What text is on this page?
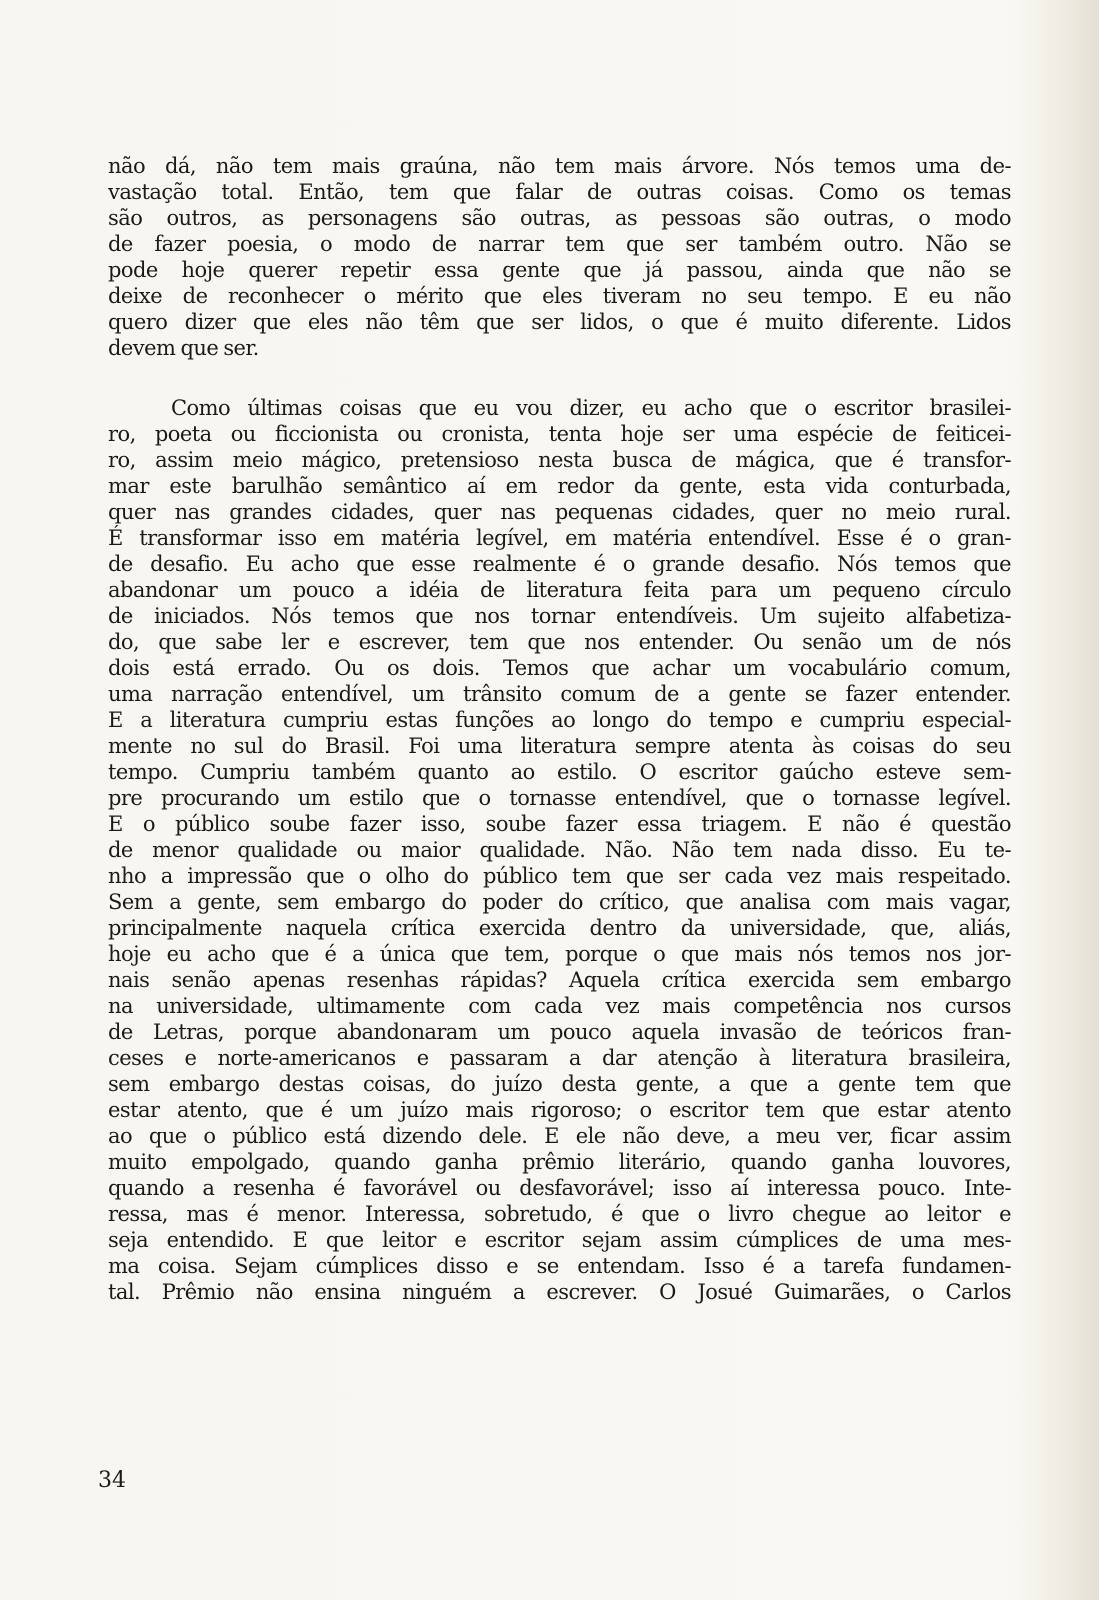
não dá, não tem mais graúna, não tem mais árvore. Nós temos uma de-
vastação total. Então, tem que falar de outras coisas. Como os temas
são outros, as personagens são outras, as pessoas são outras, o modo
de fazer poesia, o modo de narrar tem que ser também outro. Não se
pode hoje querer repetir essa gente que já passou, ainda que não se
deixe de reconhecer o mérito que eles tiveram no seu tempo. E eu não
quero dizer que eles não têm que ser lidos, o que é muito diferente. Lidos
devem que ser.
Como últimas coisas que eu vou dizer, eu acho que o escritor brasilei-
ro, poeta ou ficcionista ou cronista, tenta hoje ser uma espécie de feiticei-
ro, assim meio mágico, pretensioso nesta busca de mágica, que é transfor-
mar este barulhão semântico aí em redor da gente, esta vida conturbada,
quer nas grandes cidades, quer nas pequenas cidades, quer no meio rural.
É transformar isso em matéria legível, em matéria entendível. Esse é o gran-
de desafio. Eu acho que esse realmente é o grande desafio. Nós temos que
abandonar um pouco a idéia de literatura feita para um pequeno círculo
de iniciados. Nós temos que nos tornar entendíveis. Um sujeito alfabetiza-
do, que sabe ler e escrever, tem que nos entender. Ou senão um de nós
dois está errado. Ou os dois. Temos que achar um vocabulário comum,
uma narração entendível, um trânsito comum de a gente se fazer entender.
E a literatura cumpriu estas funções ao longo do tempo e cumpriu especial-
mente no sul do Brasil. Foi uma literatura sempre atenta às coisas do seu
tempo. Cumpriu também quanto ao estilo. O escritor gaúcho esteve sem-
pre procurando um estilo que o tornasse entendível, que o tornasse legível.
E o público soube fazer isso, soube fazer essa triagem. E não é questão
de menor qualidade ou maior qualidade. Não. Não tem nada disso. Eu te-
nho a impressão que o olho do público tem que ser cada vez mais respeitado.
Sem a gente, sem embargo do poder do crítico, que analisa com mais vagar,
principalmente naquela crítica exercida dentro da universidade, que, aliás,
hoje eu acho que é a única que tem, porque o que mais nós temos nos jor-
nais senão apenas resenhas rápidas? Aquela crítica exercida sem embargo
na universidade, ultimamente com cada vez mais competência nos cursos
de Letras, porque abandonaram um pouco aquela invasão de teóricos fran-
ceses e norte-americanos e passaram a dar atenção à literatura brasileira,
sem embargo destas coisas, do juízo desta gente, a que a gente tem que
estar atento, que é um juízo mais rigoroso; o escritor tem que estar atento
ao que o público está dizendo dele. E ele não deve, a meu ver, ficar assim
muito empolgado, quando ganha prêmio literário, quando ganha louvores,
quando a resenha é favorável ou desfavorável; isso aí interessa pouco. Inte-
ressa, mas é menor. Interessa, sobretudo, é que o livro chegue ao leitor e
seja entendido. E que leitor e escritor sejam assim cúmplices de uma mes-
ma coisa. Sejam cúmplices disso e se entendam. Isso é a tarefa fundamen-
tal. Prêmio não ensina ninguém a escrever. O Josué Guimarães, o Carlos
34
